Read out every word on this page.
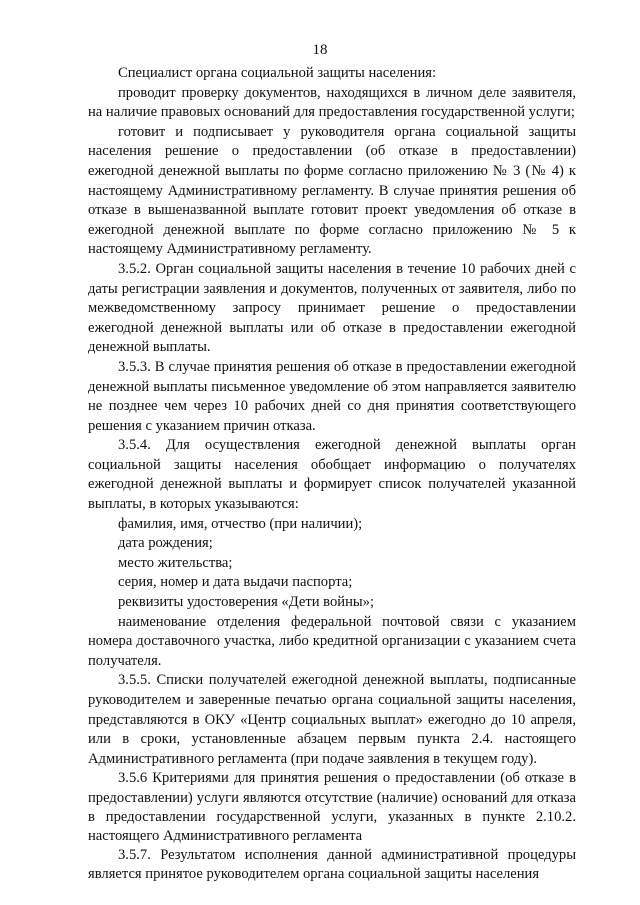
18

Специалист органа социальной защиты населения:

проводит проверку документов, находящихся в личном деле заявителя, на наличие правовых оснований для предоставления государственной услуги;

готовит и подписывает у руководителя органа социальной защиты населения решение о предоставлении (об отказе в предоставлении) ежегодной денежной выплаты по форме согласно приложению № 3 (№ 4) к настоящему Административному регламенту. В случае принятия решения об отказе в вышеназванной выплате готовит проект уведомления об отказе в ежегодной денежной выплате по форме согласно приложению № 5 к настоящему Административному регламенту.

3.5.2. Орган социальной защиты населения в течение 10 рабочих дней с даты регистрации заявления и документов, полученных от заявителя, либо по межведомственному запросу принимает решение о предоставлении ежегодной денежной выплаты или об отказе в предоставлении ежегодной денежной выплаты.

3.5.3. В случае принятия решения об отказе в предоставлении ежегодной денежной выплаты письменное уведомление об этом направляется заявителю не позднее чем через 10 рабочих дней со дня принятия соответствующего решения с указанием причин отказа.

3.5.4. Для осуществления ежегодной денежной выплаты орган социальной защиты населения обобщает информацию о получателях ежегодной денежной выплаты и формирует список получателей указанной выплаты, в которых указываются:

фамилия, имя, отчество (при наличии);

дата рождения;

место жительства;

серия, номер и дата выдачи паспорта;

реквизиты удостоверения «Дети войны»;

наименование отделения федеральной почтовой связи с указанием номера доставочного участка, либо кредитной организации с указанием счета получателя.

3.5.5. Списки получателей ежегодной денежной выплаты, подписанные руководителем и заверенные печатью органа социальной защиты населения, представляются в ОКУ «Центр социальных выплат» ежегодно до 10 апреля, или в сроки, установленные абзацем первым пункта 2.4. настоящего Административного регламента (при подаче заявления в текущем году).

3.5.6 Критериями для принятия решения о предоставлении (об отказе в предоставлении) услуги являются отсутствие (наличие) оснований для отказа в предоставлении государственной услуги, указанных в пункте 2.10.2. настоящего Административного регламента

3.5.7. Результатом исполнения данной административной процедуры является принятое руководителем органа социальной защиты населения
